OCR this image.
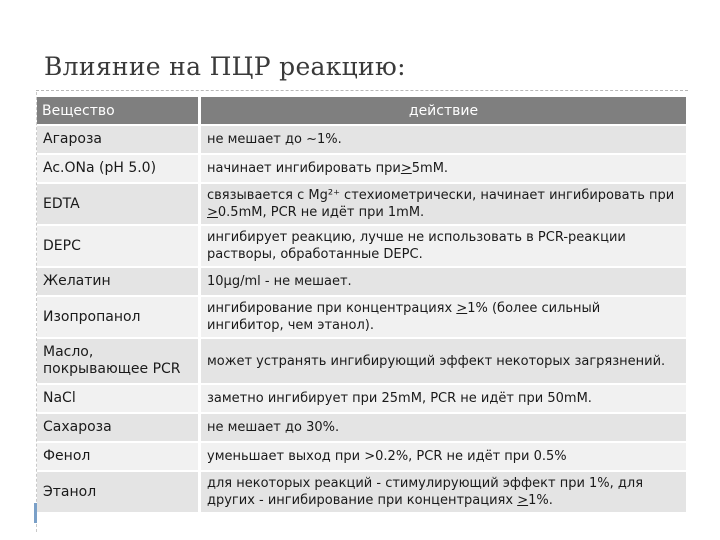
Влияние на ПЦР реакцию:
Вещество	действие
Агароза	не мешает до ~1%.
Ac.ONa (pH 5.0)	начинает ингибировать при>5mM.
EDTA	связывается с Mg²⁺ стехиометрически, начинает ингибировать при >0.5mM, PCR не идёт при 1mM.
DEPC	ингибирует реакцию, лучше не использовать в PCR-реакции растворы, обработанные DEPC.
Желатин	10μg/ml - не мешает.
Изопропанол	ингибирование при концентрациях >1% (более сильный ингибитор, чем этанол).
Масло, покрывающее PCR	может устранять ингибирующий эффект некоторых загрязнений.
NaCl	заметно ингибирует при 25mM, PCR не идёт при 50mM.
Сахароза	не мешает до 30%.
Фенол	уменьшает выход при >0.2%, PCR не идёт при 0.5%
Этанол	для некоторых реакций - стимулирующий эффект при 1%, для других - ингибирование при концентрациях >1%.
